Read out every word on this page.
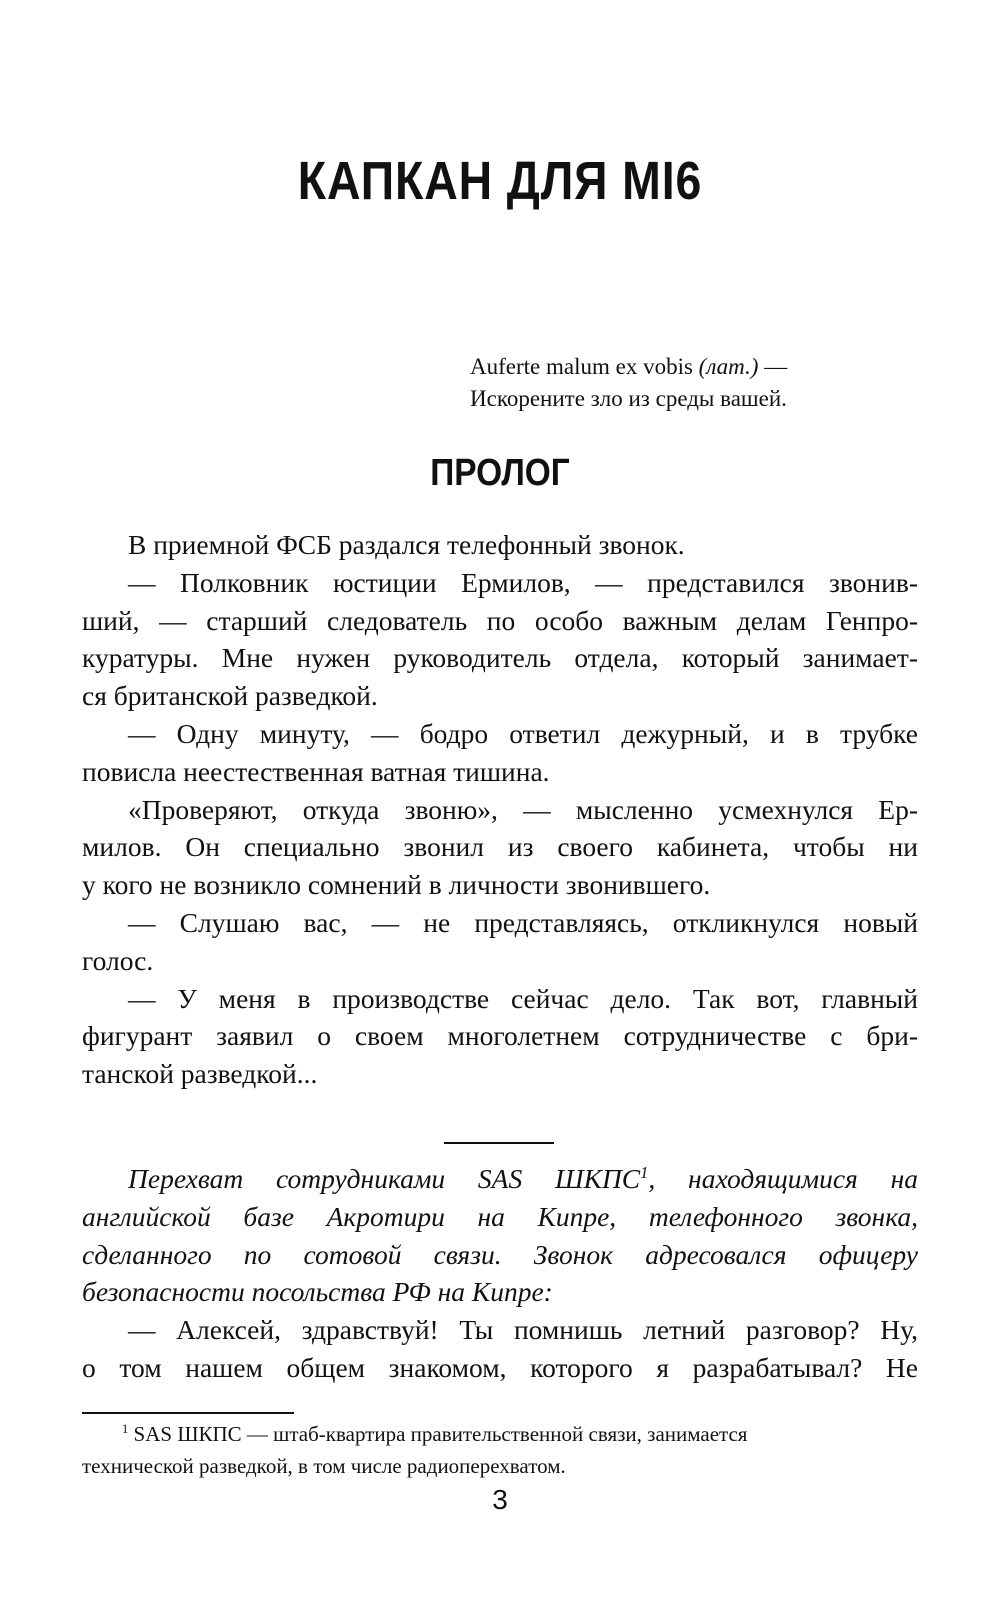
КАПКАН ДЛЯ MI6
Auferte malum ex vobis (лат.) —
Искорените зло из среды вашей.
ПРОЛОГ

В приемной ФСБ раздался телефонный звонок.

— Полковник юстиции Ермилов, — представился звонив-
ший, — старший следователь по особо важным делам Генпро-
куратуры. Мне нужен руководитель отдела, который занимает-
ся британской разведкой.

— Одну минуту, — бодро ответил дежурный, и в трубке
повисла неестественная ватная тишина.

«Проверяют, откуда звоню», — мысленно усмехнулся Ер-
милов. Он специально звонил из своего кабинета, чтобы ни
у кого не возникло сомнений в личности звонившего.

— Слушаю вас, — не представляясь, откликнулся новый
голос.

— У меня в производстве сейчас дело. Так вот, главный
фигурант заявил о своем многолетнем сотрудничестве с бри-
танской разведкой...

Перехват сотрудниками SAS ШКПС$^1$, находящимися на
английской базе Акротири на Кипре, телефонного звонка,
сделанного по сотовой связи. Звонок адресовался офицеру
безопасности посольства РФ на Кипре:

— Алексей, здравствуй! Ты помнишь летний разговор? Ну,
о том нашем общем знакомом, которого я разрабатывал? Не

$^1$ SAS ШКПС — штаб-квартира правительственной связи, занимается
технической разведкой, в том числе радиоперехватом.
3
